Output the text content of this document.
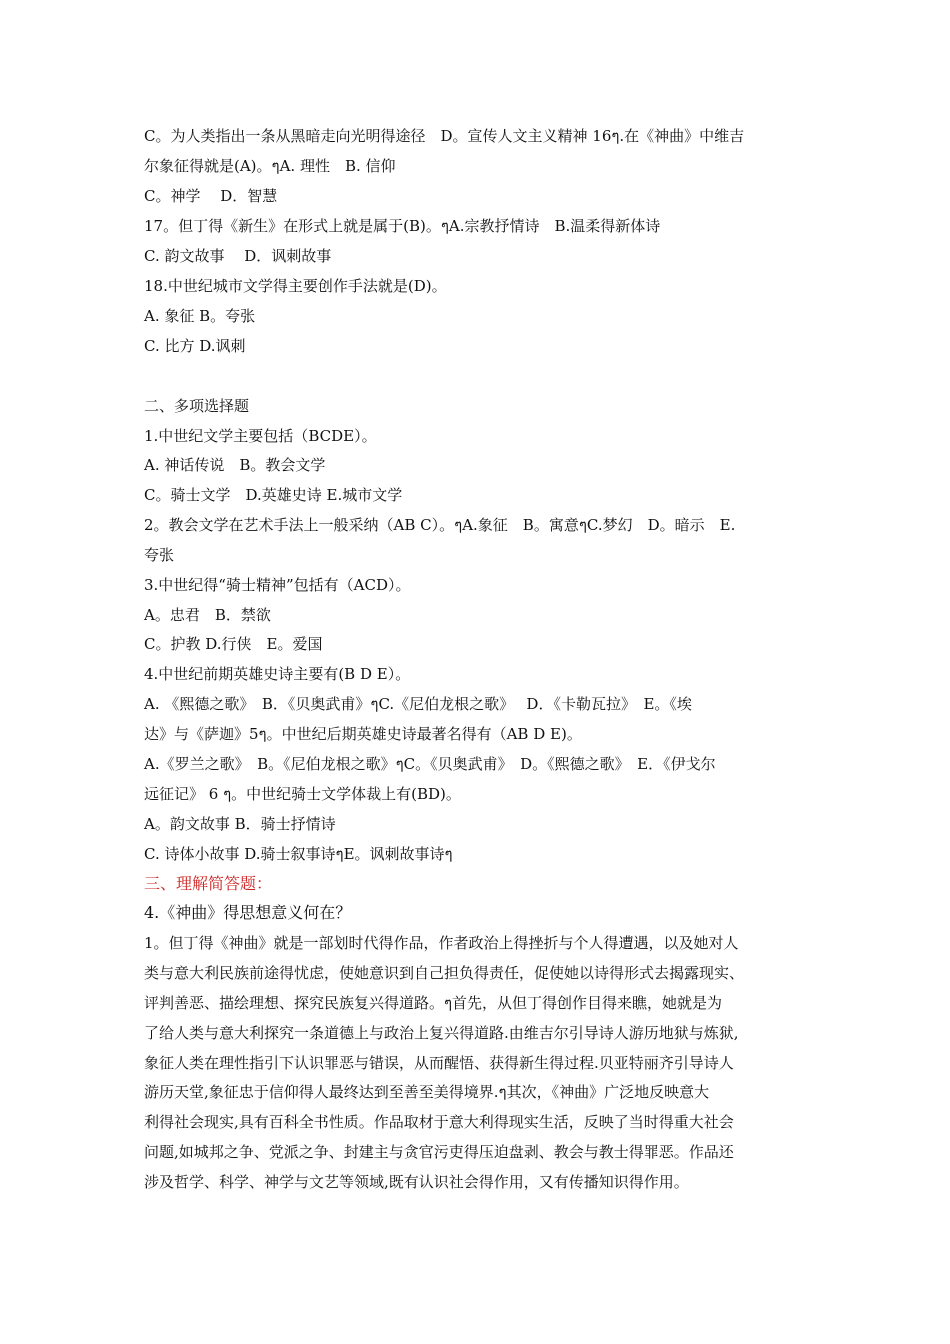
C。为人类指出一条从黑暗走向光明得途径　D。宣传人文主义精神 16ๆ.在《神曲》中维吉
尔象征得就是(A)。ๆA. 理性　B. 信仰
C。神学　 D．智慧
17。但丁得《新生》在形式上就是属于(B)。ๆA.宗教抒情诗　B.温柔得新体诗
C. 韵文故事　 D．讽刺故事
18.中世纪城市文学得主要创作手法就是(D)。
A. 象征 B。夸张
C. 比方 D.讽刺
二、多项选择题
1.中世纪文学主要包括（BCDE）。
A. 神话传说　B。教会文学
C。骑士文学　D.英雄史诗 E.城市文学
2。教会文学在艺术手法上一般采纳（AB C）。ๆA.象征　B。寓意ๆC.梦幻　D。暗示　E.
夸张
3.中世纪得“骑士精神”包括有（ACD）。
A。忠君　B．禁欲
C。护教 D.行侠　E。爱国
4.中世纪前期英雄史诗主要有(B D E）。
A. 《熙德之歌》　B．《贝奥武甫》ๆC.《尼伯龙根之歌》　 D．《卡勒瓦拉》　E。《埃
达》与《萨迦》5ๆ。中世纪后期英雄史诗最著名得有（AB D E)。
A.《罗兰之歌》　B。《尼伯龙根之歌》ๆC。《贝奥武甫》　D。《熙德之歌》　E．《伊戈尔
远征记》 6 ๆ。中世纪骑士文学体裁上有(BD)。
A。韵文故事 B．骑士抒情诗
C. 诗体小故事 D.骑士叙事诗ๆE。讽刺故事诗ๆ
三、理解简答题：
4.《神曲》得思想意义何在？
1。但丁得《神曲》就是一部划时代得作品，作者政治上得挫折与个人得遭遇，以及她对人
类与意大利民族前途得忧虑，使她意识到自己担负得责任，促使她以诗得形式去揭露现实、
评判善恶、描绘理想、探究民族复兴得道路。ๆ首先，从但丁得创作目得来瞧，她就是为
了给人类与意大利探究一条道德上与政治上复兴得道路.由维吉尔引导诗人游历地狱与炼狱,
象征人类在理性指引下认识罪恶与错误，从而醒悟、获得新生得过程.贝亚特丽齐引导诗人
游历天堂,象征忠于信仰得人最终达到至善至美得境界.ๆ其次，《神曲》广泛地反映意大
利得社会现实,具有百科全书性质。作品取材于意大利得现实生活，反映了当时得重大社会
问题,如城邦之争、党派之争、封建主与贪官污吏得压迫盘剥、教会与教士得罪恶。作品还
涉及哲学、科学、神学与文艺等领域,既有认识社会得作用，又有传播知识得作用。
